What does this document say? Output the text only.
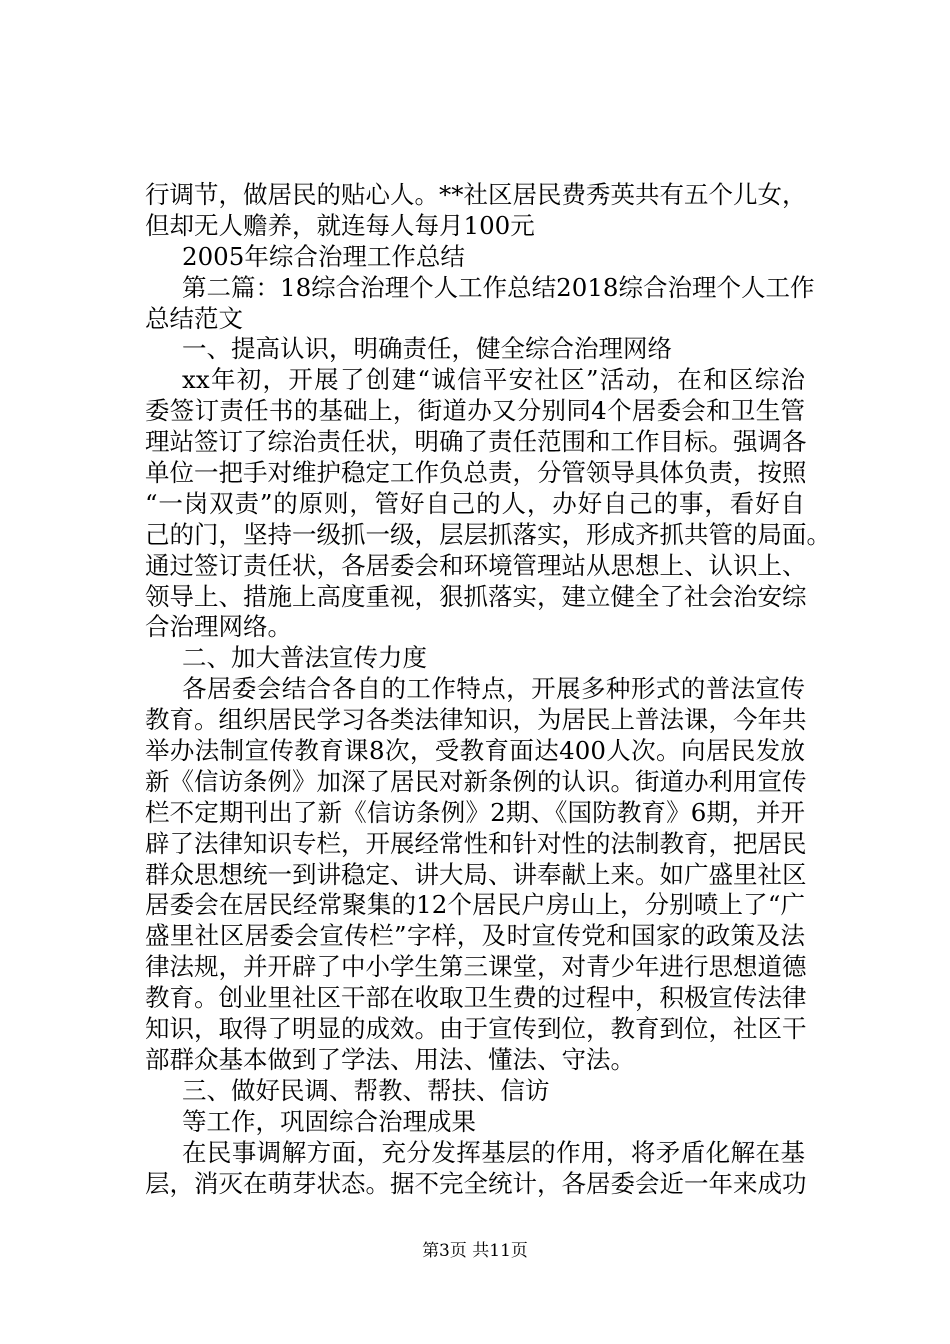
行调节，做居民的贴心人。**社区居民费秀英共有五个儿女，
但却无人赡养，就连每人每月100元
2005年综合治理工作总结
第二篇：18综合治理个人工作总结2018综合治理个人工作
总结范文
一、提高认识，明确责任，健全综合治理网络
xx年初，开展了创建“诚信平安社区”活动，在和区综治
委签订责任书的基础上，街道办又分别同4个居委会和卫生管
理站签订了综治责任状，明确了责任范围和工作目标。强调各
单位一把手对维护稳定工作负总责，分管领导具体负责，按照
“一岗双责”的原则，管好自己的人，办好自己的事，看好自
己的门，坚持一级抓一级，层层抓落实，形成齐抓共管的局面。
通过签订责任状，各居委会和环境管理站从思想上、认识上、
领导上、措施上高度重视，狠抓落实，建立健全了社会治安综
合治理网络。
二、加大普法宣传力度
各居委会结合各自的工作特点，开展多种形式的普法宣传
教育。组织居民学习各类法律知识，为居民上普法课，今年共
举办法制宣传教育课8次，受教育面达400人次。向居民发放
新《信访条例》加深了居民对新条例的认识。街道办利用宣传
栏不定期刊出了新《信访条例》2期、《国防教育》6期，并开
辟了法律知识专栏，开展经常性和针对性的法制教育，把居民
群众思想统一到讲稳定、讲大局、讲奉献上来。如广盛里社区
居委会在居民经常聚集的12个居民户房山上，分别喷上了“广
盛里社区居委会宣传栏”字样，及时宣传党和国家的政策及法
律法规，并开辟了中小学生第三课堂，对青少年进行思想道德
教育。创业里社区干部在收取卫生费的过程中，积极宣传法律
知识，取得了明显的成效。由于宣传到位，教育到位，社区干
部群众基本做到了学法、用法、懂法、守法。
三、做好民调、帮教、帮扶、信访
等工作，巩固综合治理成果
在民事调解方面，充分发挥基层的作用，将矛盾化解在基
层，消灭在萌芽状态。据不完全统计，各居委会近一年来成功
第3页 共11页
